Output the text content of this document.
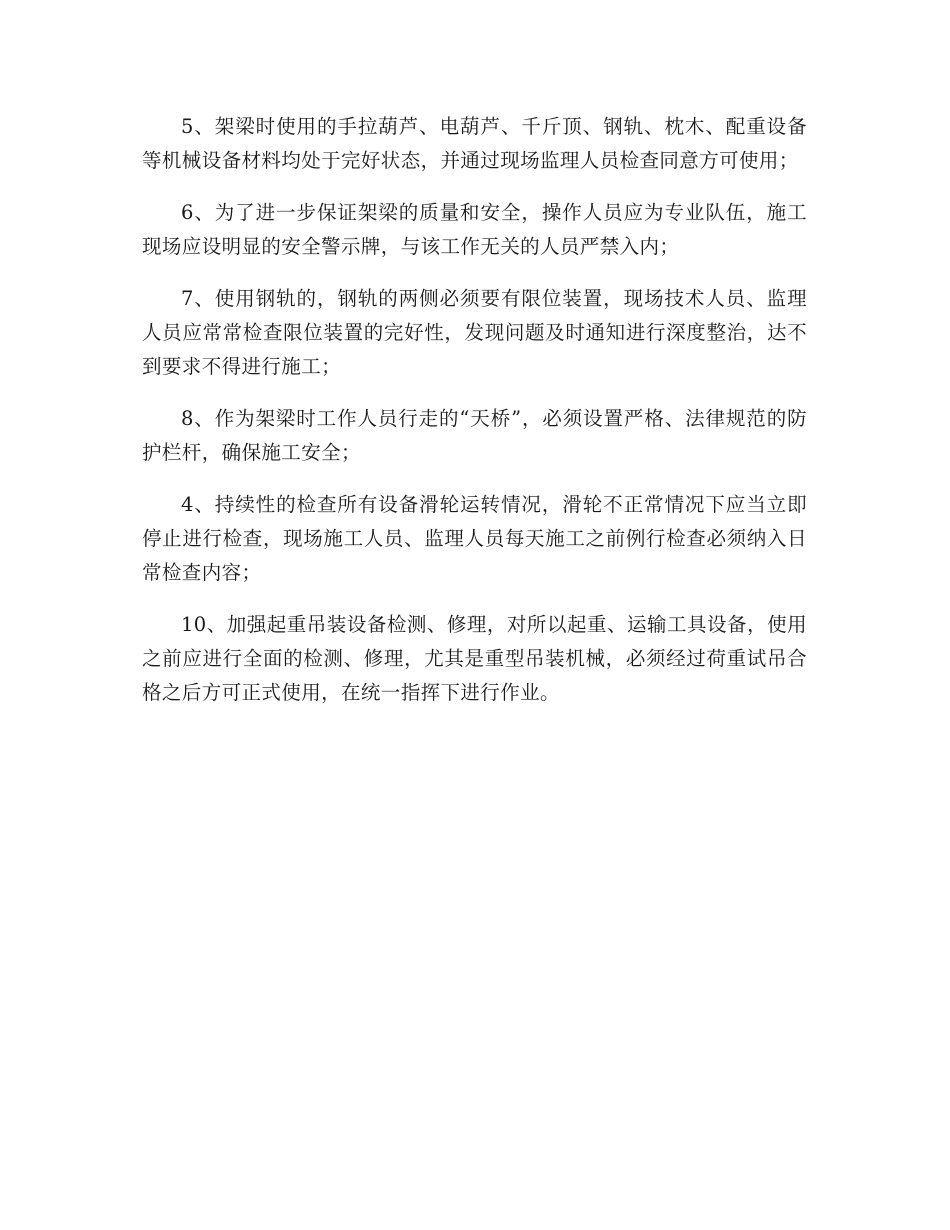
5、架梁时使用的手拉葫芦、电葫芦、千斤顶、钢轨、枕木、配重设备等机械设备材料均处于完好状态，并通过现场监理人员检查同意方可使用；

6、为了进一步保证架梁的质量和安全，操作人员应为专业队伍，施工现场应设明显的安全警示牌，与该工作无关的人员严禁入内；

7、使用钢轨的，钢轨的两侧必须要有限位装置，现场技术人员、监理人员应常常检查限位装置的完好性，发现问题及时通知进行深度整治，达不到要求不得进行施工；

8、作为架梁时工作人员行走的“天桥”，必须设置严格、法律规范的防护栏杆，确保施工安全；

4、持续性的检查所有设备滑轮运转情况，滑轮不正常情况下应当立即停止进行检查，现场施工人员、监理人员每天施工之前例行检查必须纳入日常检查内容；

10、加强起重吊装设备检测、修理，对所以起重、运输工具设备，使用之前应进行全面的检测、修理，尤其是重型吊装机械，必须经过荷重试吊合格之后方可正式使用，在统一指挥下进行作业。
